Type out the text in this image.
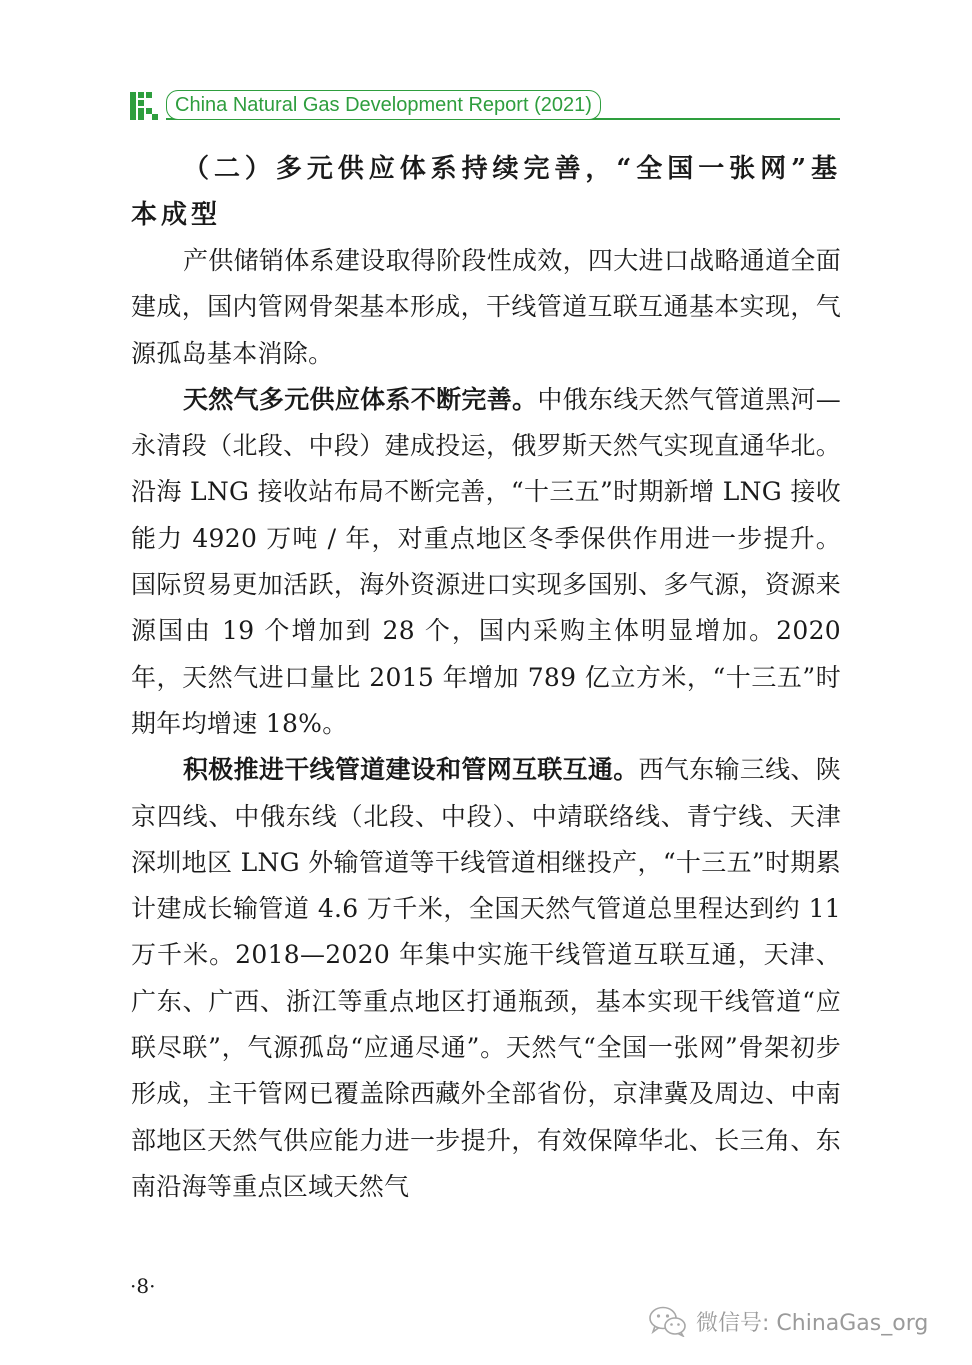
China Natural Gas Development Report (2021)

（二）多元供应体系持续完善，“全国一张网”基本成型

产供储销体系建设取得阶段性成效，四大进口战略通道全面建成，国内管网骨架基本形成，干线管道互联互通基本实现，气源孤岛基本消除。

天然气多元供应体系不断完善。中俄东线天然气管道黑河—永清段（北段、中段）建成投运，俄罗斯天然气实现直通华北。沿海 LNG 接收站布局不断完善，“十三五”时期新增 LNG 接收能力 4920 万吨 / 年，对重点地区冬季保供作用进一步提升。国际贸易更加活跃，海外资源进口实现多国别、多气源，资源来源国由 19 个增加到 28 个，国内采购主体明显增加。2020 年，天然气进口量比 2015 年增加 789 亿立方米，“十三五”时期年均增速 18%。

积极推进干线管道建设和管网互联互通。西气东输三线、陕京四线、中俄东线（北段、中段）、中靖联络线、青宁线、天津深圳地区 LNG 外输管道等干线管道相继投产，“十三五”时期累计建成长输管道 4.6 万千米，全国天然气管道总里程达到约 11 万千米。2018—2020 年集中实施干线管道互联互通，天津、广东、广西、浙江等重点地区打通瓶颈，基本实现干线管道“应联尽联”，气源孤岛“应通尽通”。天然气“全国一张网”骨架初步形成，主干管网已覆盖除西藏外全部省份，京津冀及周边、中南部地区天然气供应能力进一步提升，有效保障华北、长三角、东南沿海等重点区域天然气

·8·
微信号: ChinaGas_org
